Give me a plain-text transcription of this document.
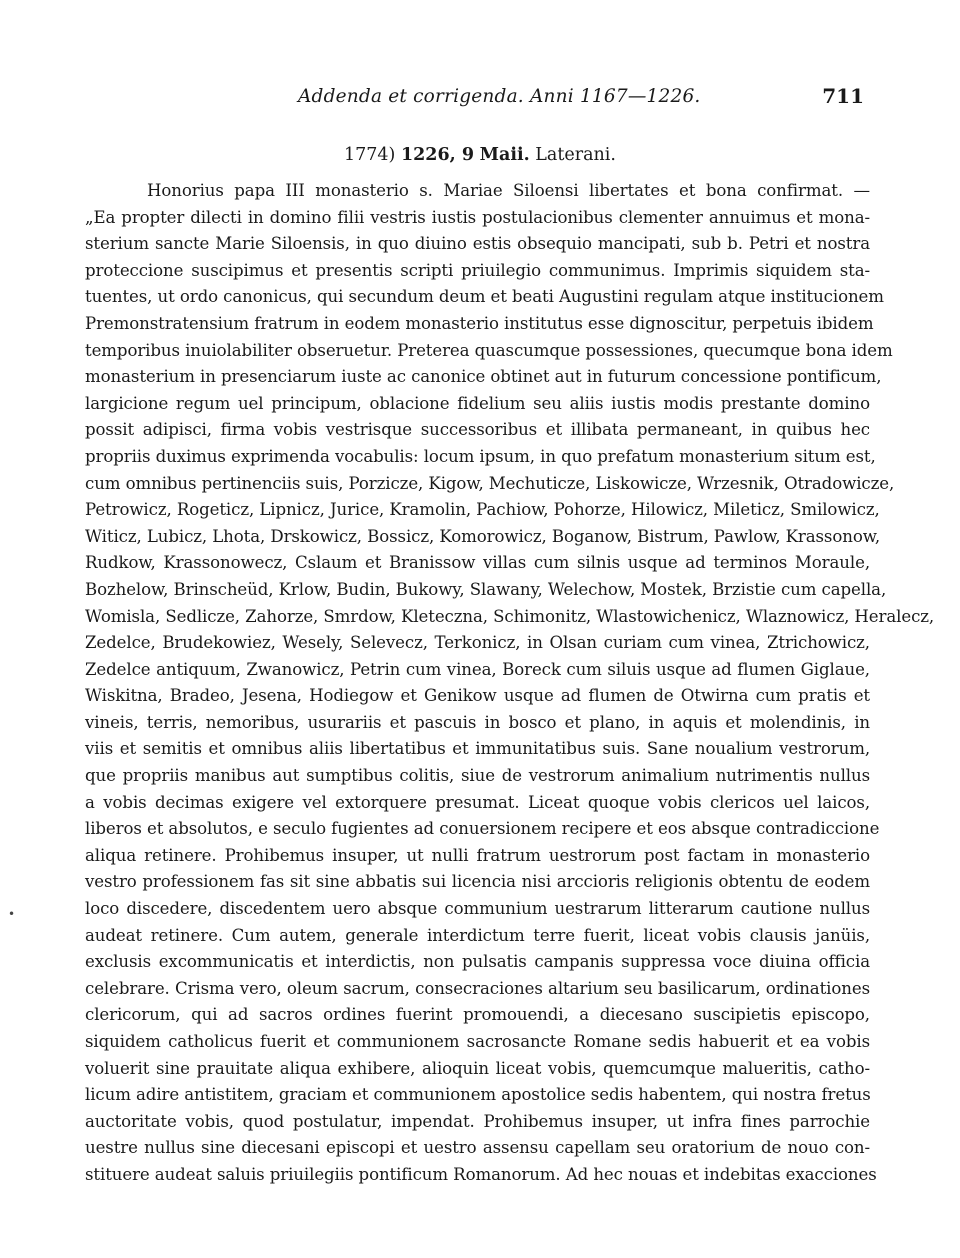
Addenda et corrigenda. Anni 1167—1226.	711
1774) 1226, 9 Maii. Laterani.
•
Honorius papa III monasterio s. Mariae Siloensi libertates et bona confirmat. —
„Ea propter dilecti in domino filii vestris iustis postulacionibus clementer annuimus et mona-
sterium sancte Marie Siloensis, in quo diuino estis obsequio mancipati, sub b. Petri et nostra
proteccione suscipimus et presentis scripti priuilegio communimus. Imprimis siquidem sta-
tuentes, ut ordo canonicus, qui secundum deum et beati Augustini regulam atque institucionem
Premonstratensium fratrum in eodem monasterio institutus esse dignoscitur, perpetuis ibidem
temporibus inuiolabiliter obseruetur. Preterea quascumque possessiones, quecumque bona idem
monasterium in presenciarum iuste ac canonice obtinet aut in futurum concessione pontificum,
largicione regum uel principum, oblacione fidelium seu aliis iustis modis prestante domino
possit adipisci, firma vobis vestrisque successoribus et illibata permaneant, in quibus hec
propriis duximus exprimenda vocabulis: locum ipsum, in quo prefatum monasterium situm est,
cum omnibus pertinenciis suis, Porzicze, Kigow, Mechuticze, Liskowicze, Wrzesnik, Otradowicze,
Petrowicz, Rogeticz, Lipnicz, Jurice, Kramolin, Pachiow, Pohorze, Hilowicz, Mileticz, Smilowicz,
Witicz, Lubicz, Lhota, Drskowicz, Bossicz, Komorowicz, Boganow, Bistrum, Pawlow, Krassonow,
Rudkow, Krassonowecz, Cslaum et Branissow villas cum silnis usque ad terminos Moraule,
Bozhelow, Brinscheüd, Krlow, Budin, Bukowy, Slawany, Welechow, Mostek, Brzistie cum capella,
Womisla, Sedlicze, Zahorze, Smrdow, Kleteczna, Schimonitz, Wlastowichenicz, Wlaznowicz, Heralecz,
Zedelce, Brudekowiez, Wesely, Selevecz, Terkonicz, in Olsan curiam cum vinea, Ztrichowicz,
Zedelce antiquum, Zwanowicz, Petrin cum vinea, Boreck cum siluis usque ad flumen Giglaue,
Wiskitna, Bradeo, Jesena, Hodiegow et Genikow usque ad flumen de Otwirna cum pratis et
vineis, terris, nemoribus, usurariis et pascuis in bosco et plano, in aquis et molendinis, in
viis et semitis et omnibus aliis libertatibus et immunitatibus suis. Sane noualium vestrorum,
que propriis manibus aut sumptibus colitis, siue de vestrorum animalium nutrimentis nullus
a vobis decimas exigere vel extorquere presumat. Liceat quoque vobis clericos uel laicos,
liberos et absolutos, e seculo fugientes ad conuersionem recipere et eos absque contradiccione
aliqua retinere. Prohibemus insuper, ut nulli fratrum uestrorum post factam in monasterio
vestro professionem fas sit sine abbatis sui licencia nisi arccioris religionis obtentu de eodem
loco discedere, discedentem uero absque communium uestrarum litterarum cautione nullus
audeat retinere. Cum autem, generale interdictum terre fuerit, liceat vobis clausis janüis,
exclusis excommunicatis et interdictis, non pulsatis campanis suppressa voce diuina officia
celebrare. Crisma vero, oleum sacrum, consecraciones altarium seu basilicarum, ordinationes
clericorum, qui ad sacros ordines fuerint promouendi, a diecesano suscipietis episcopo,
siquidem catholicus fuerit et communionem sacrosancte Romane sedis habuerit et ea vobis
voluerit sine prauitate aliqua exhibere, alioquin liceat vobis, quemcumque malueritis, catho-
licum adire antistitem, graciam et communionem apostolice sedis habentem, qui nostra fretus
auctoritate vobis, quod postulatur, impendat. Prohibemus insuper, ut infra fines parrochie
uestre nullus sine diecesani episcopi et uestro assensu capellam seu oratorium de nouo con-
stituere audeat saluis priuilegiis pontificum Romanorum. Ad hec nouas et indebitas exacciones
